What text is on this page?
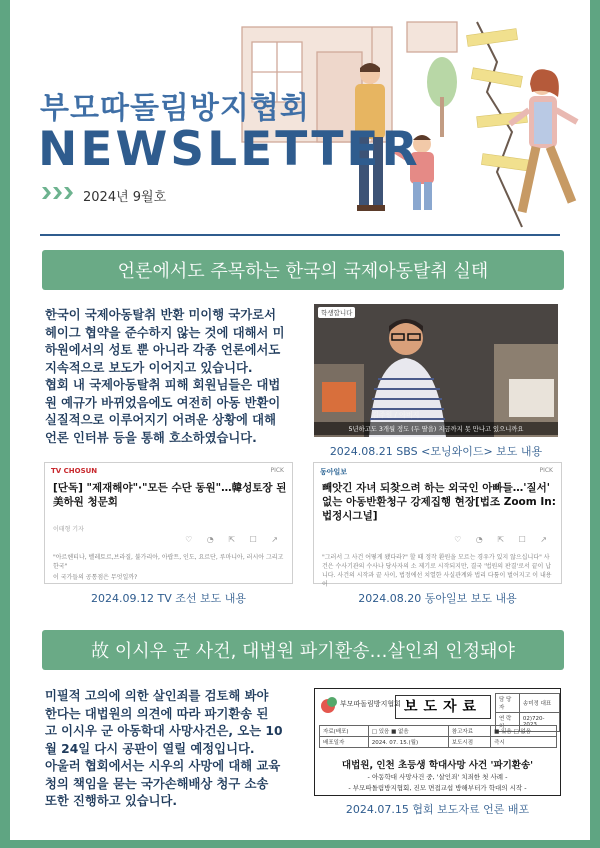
부모따돌림방지협회
NEWSLETTER
2024년 9월호
언론에서도 주목하는 한국의 국제아동탈취 실태
한국이 국제아동탈취 반환 미이행 국가로서
헤이그 협약을 준수하지 않는 것에 대해서 미
하원에서의 성토 뿐 아니라 각종 언론에서도
지속적으로 보도가 이어지고 있습니다.
협회 내 국제아동탈취 피해 회원님들은 대법
원 예규가 바뀌었음에도 여전히 아동 반환이
실질적으로 이루어지기 어려운 상황에 대해
언론 인터뷰 등을 통해 호소하였습니다.
학생합니다
김주원 / 아버지
5년하고도 3개월 정도 (두 딸을) 지금까지 못 만나고 있으니까요
2024.08.21 SBS <모닝와이드> 보도 내용
TV CHOSUN	PICK
[단독] "제재해야"·"모든 수단 동원"…韓성토장 된 美하원 청문회
이태형 기자
♡ ◔ ⇱ ☐ ↗
"아르헨티나, 벨레토르,브라질, 불가리아, 아랍트, 인도, 요르단, 루마니아, 러시아 그리고 한국"
이 국가들의 공통점은 무엇일까?
2024.09.12 TV 조선 보도 내용
동아일보	PICK
빼앗긴 자녀 되찾으려 하는 외국인 아빠들…'질서' 없는 아동반환청구 강제집행 현장[법조 Zoom In: 법정시그널]
♡ ◔ ⇱ ☐ ↗
"그러서 그 사건 어떻게 됐다라?" 할 때 정작 환원을 모르는 경우가 있지 않으십니다" 사건은 수사기관의 수사나 당사자의 소 제기로 시작되지만, 결국 '법원의 판결'로서 끝이 납니다. 사건의 시작과 끝 사이, 법정에선 치열한 사실관계와 법리 다툼이 벌어지고 이 내용이
2024.08.20 동아일보 보도 내용
故 이시우 군 사건, 대법원 파기환송…살인죄 인정돼야
미필적 고의에 의한 살인죄를 검토해 봐야
한다는 대법원의 의견에 따라 파기환송 된
고 이시우 군 아동학대 사망사건은, 오는 10
월 24일 다시 공판이 열릴 예정입니다.
아울러 협회에서는 시우의 사망에 대해 교육
청의 책임을 묻는 국가손해배상 청구 소송
또한 진행하고 있습니다.
부모따돌림방지협회 보도자료	담 당 자	송미정 대표
연 락 처	02)720-2023
자료(배포)	□ 있음 ■ 없음	참고자료	■ 있음 □ 없음
배포일자	2024. 07. 15.(월)	보도시점	즉시
대법원, 인천 초등생 학대사망 사건 '파기환송'
- 아동학대 사망사건 중, '살인죄' 치죄한 첫 사례 -
- 부모따돌림방지협회, 진모 면접교섭 방해부터가 학대의 시작 -
2024.07.15 협회 보도자료 언론 배포
